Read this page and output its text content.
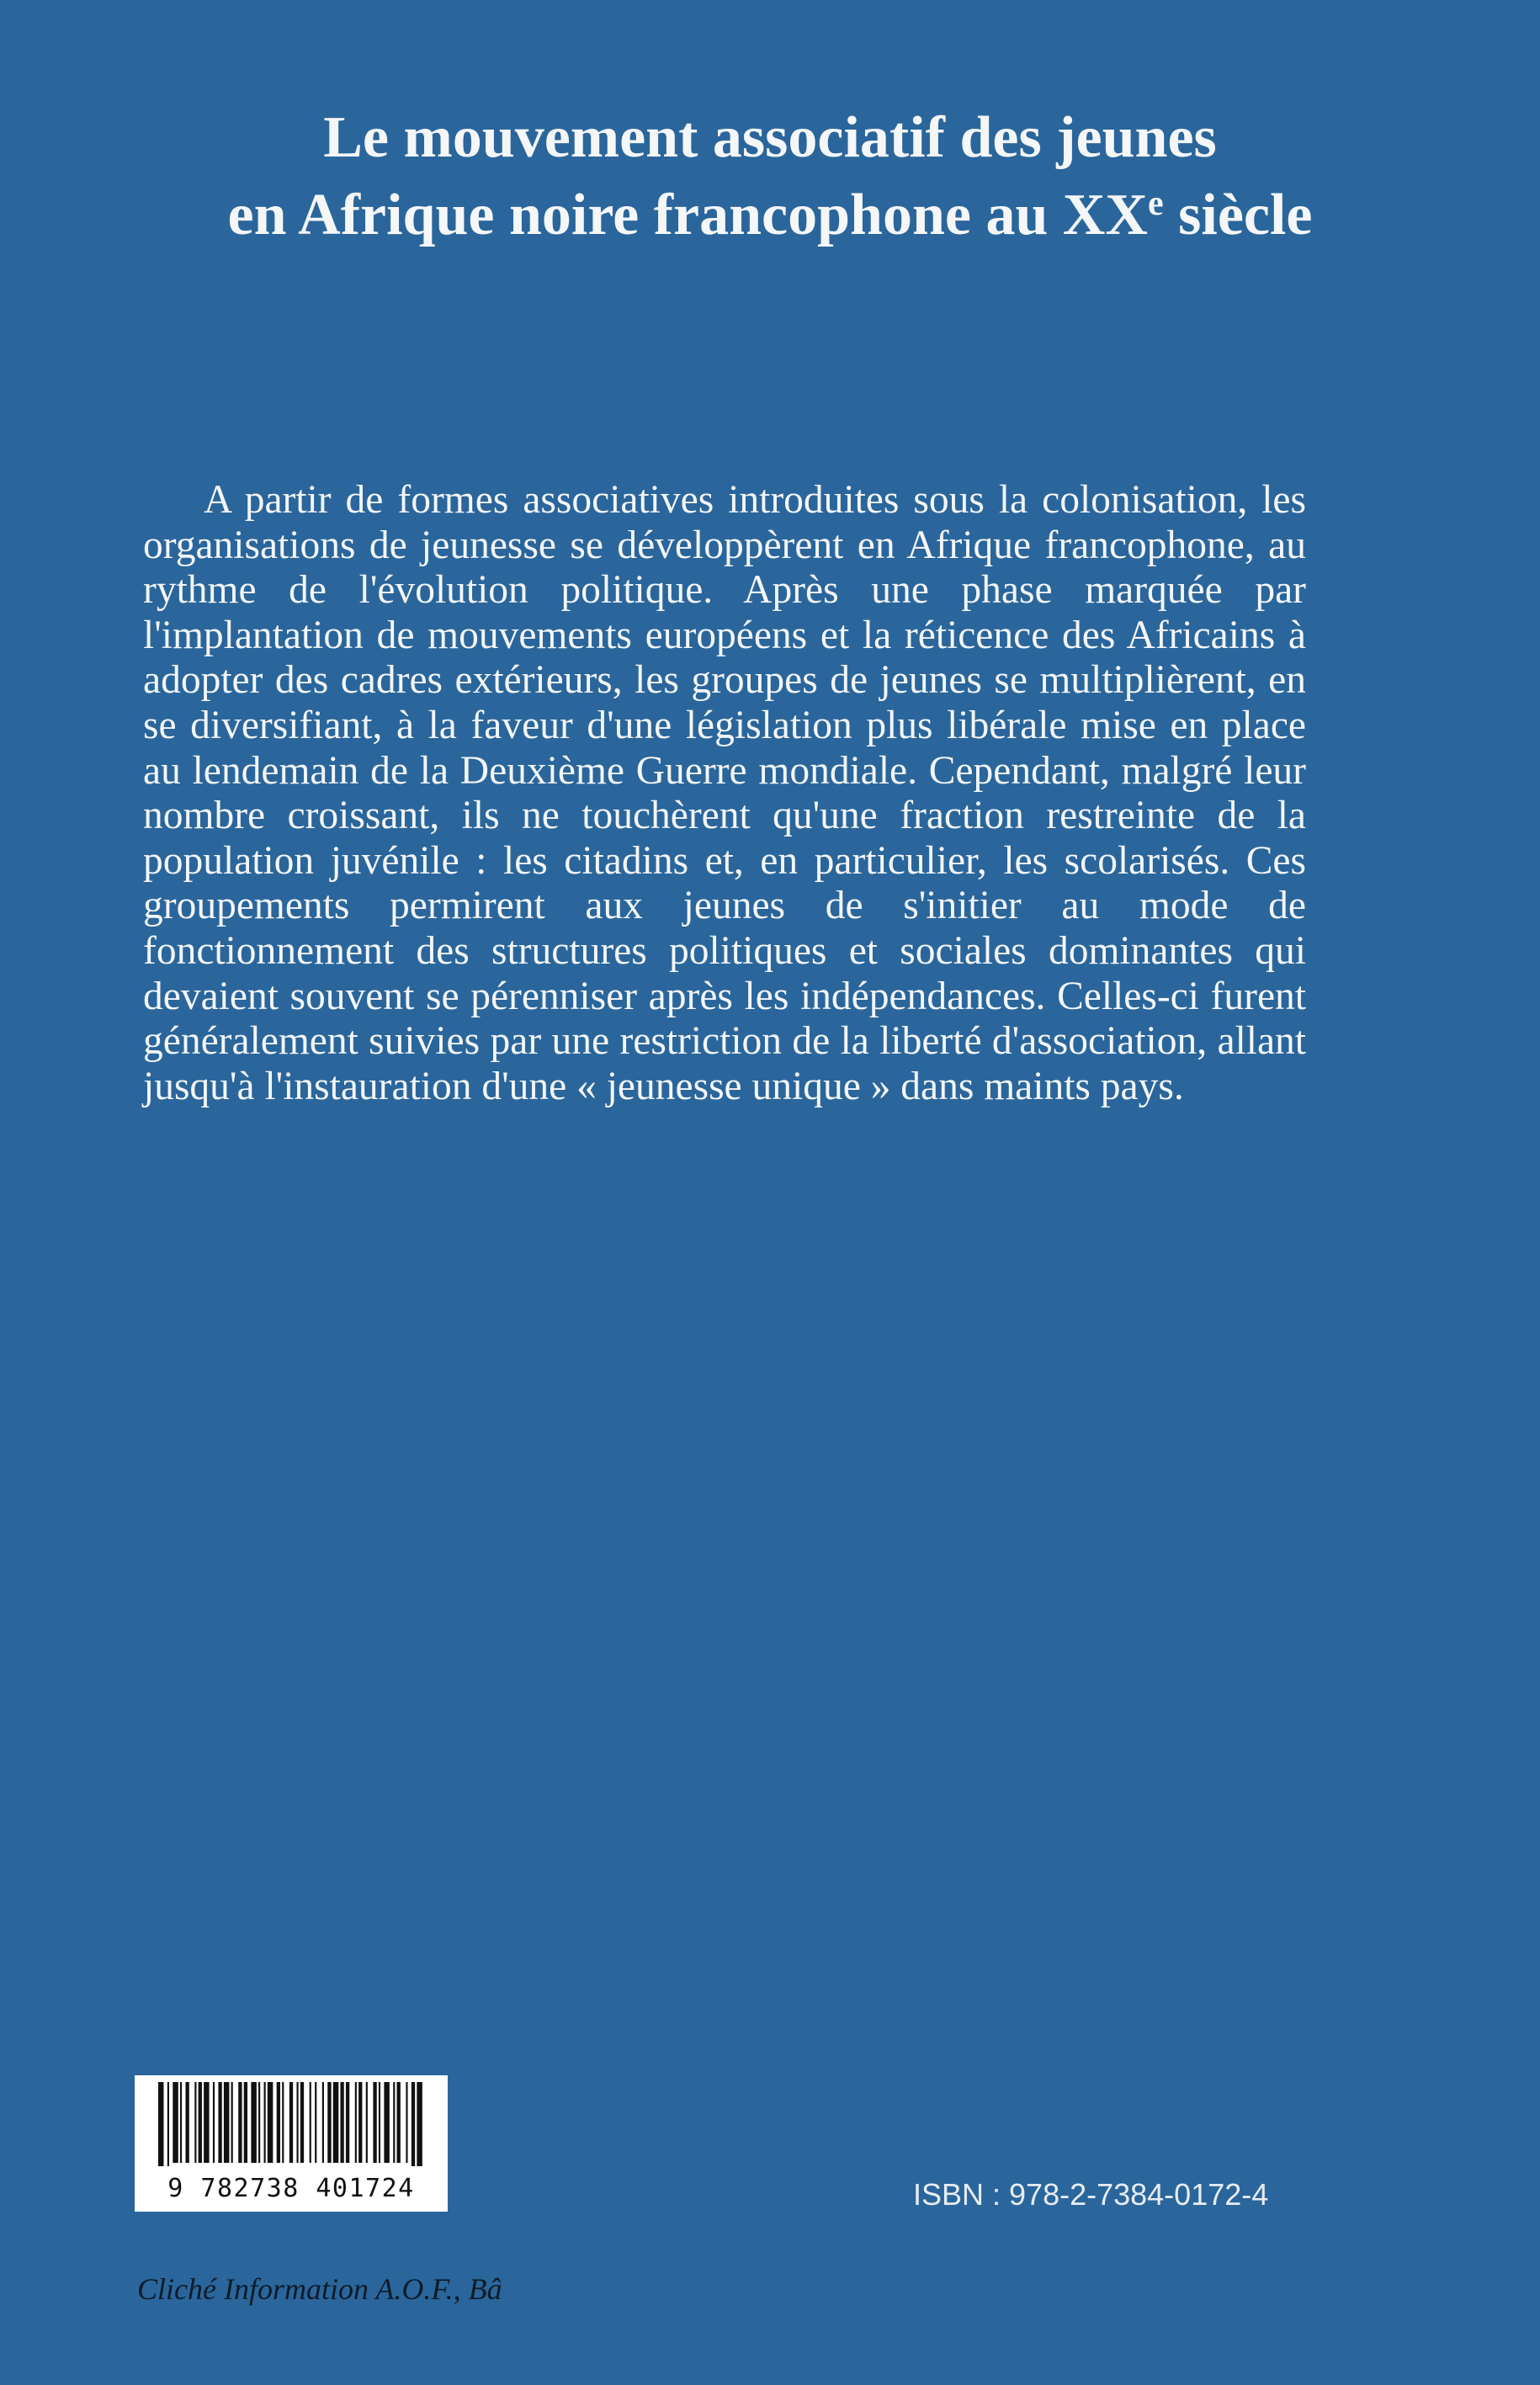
Le mouvement associatif des jeunes
en Afrique noire francophone au XXe siècle

A partir de formes associatives introduites sous la colonisation, les organisations de jeunesse se développèrent en Afrique francophone, au rythme de l'évolution politique. Après une phase marquée par l'implantation de mouvements européens et la réticence des Africains à adopter des cadres extérieurs, les groupes de jeunes se multiplièrent, en se diversifiant, à la faveur d'une législation plus libérale mise en place au lendemain de la Deuxième Guerre mondiale. Cependant, malgré leur nombre croissant, ils ne touchèrent qu'une fraction restreinte de la population juvénile : les citadins et, en particulier, les scolarisés. Ces groupements permirent aux jeunes de s'initier au mode de fonctionnement des structures politiques et sociales dominantes qui devaient souvent se pérenniser après les indépendances. Celles-ci furent généralement suivies par une restriction de la liberté d'association, allant jusqu'à l'instauration d'une « jeunesse unique » dans maints pays.

9 782738 401724	ISBN : 978-2-7384-0172-4
Cliché Information A.O.F., Bâ
